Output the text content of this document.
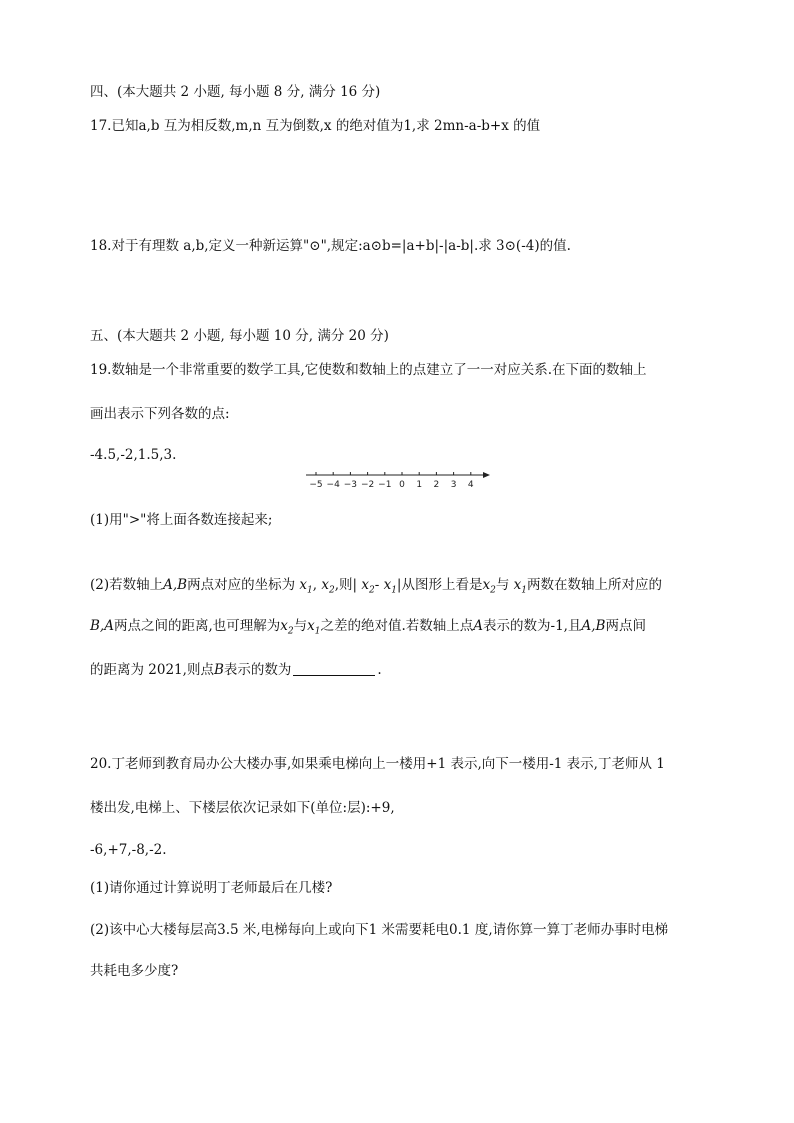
四、(本大题共 2 小题, 每小题 8 分, 满分 16 分)
17.已知a,b 互为相反数,m,n 互为倒数,x 的绝对值为1,求 2mn-a-b+x 的值
18.对于有理数 a,b,定义一种新运算"⊙",规定:a⊙b=|a+b|-|a-b|.求 3⊙(-4)的值.
五、(本大题共 2 小题, 每小题 10 分, 满分 20 分)
19.数轴是一个非常重要的数学工具,它使数和数轴上的点建立了一一对应关系.在下面的数轴上
画出表示下列各数的点:
-4.5,-2,1.5,3.
−5 −4 −3 −2 −1 0 1 2 3 4
(1)用">"将上面各数连接起来;
(2)若数轴上A,B两点对应的坐标为 $x_1$, $x_2$,则| $x_2-$ $x_1|$从图形上看是$x_2$与 $x_1$两数在数轴上所对应的
B,A两点之间的距离,也可理解为$x_2$与$x_1$之差的绝对值.若数轴上点A表示的数为-1,且A,B两点间
的距离为 2021,则点B表示的数为	.
20.丁老师到教育局办公大楼办事,如果乘电梯向上一楼用+1 表示,向下一楼用-1 表示,丁老师从 1
楼出发,电梯上、下楼层依次记录如下(单位:层):+9,
-6,+7,-8,-2.
(1)请你通过计算说明丁老师最后在几楼?
(2)该中心大楼每层高3.5 米,电梯每向上或向下1 米需要耗电0.1 度,请你算一算丁老师办事时电梯
共耗电多少度?
